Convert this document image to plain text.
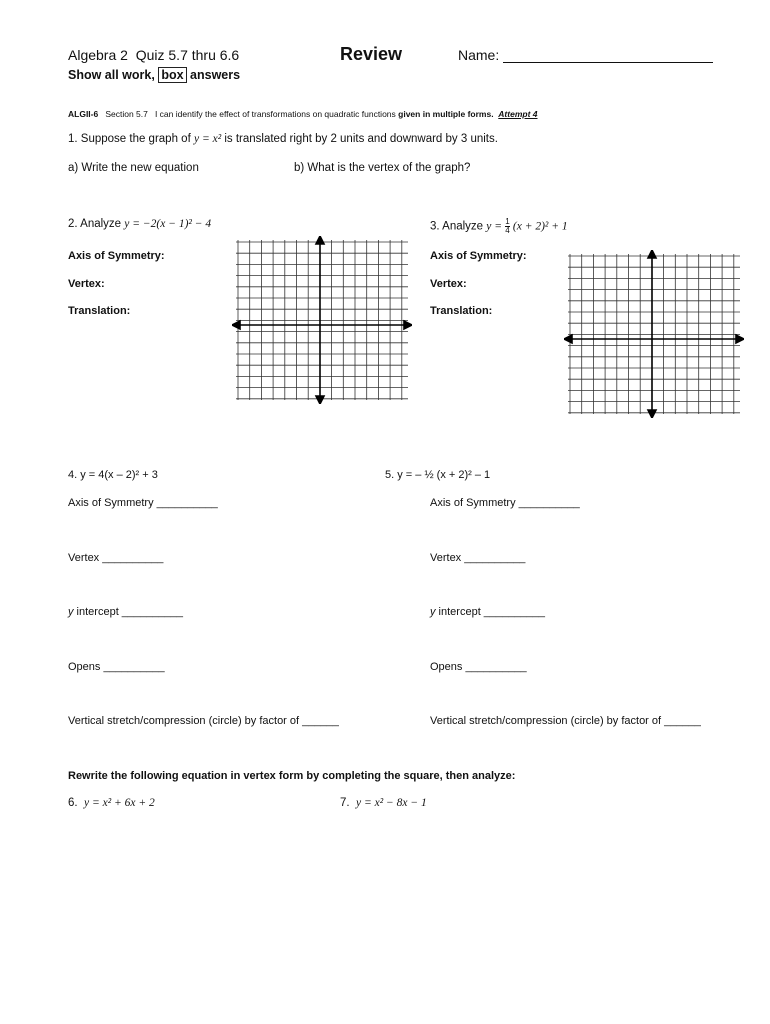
Algebra 2 Quiz 5.7 thru 6.6	Review	Name:
Show all work, box answers
ALGII-6 Section 5.7 I can identify the effect of transformations on quadratic functions given in multiple forms. Attempt 4
1. Suppose the graph of y = x² is translated right by 2 units and downward by 3 units.
a) Write the new equation	b) What is the vertex of the graph?
2. Analyze y = −2(x − 1)² − 4
Axis of Symmetry:
Vertex:
Translation:
3. Analyze $y = \frac{1}{4} (x + 2)^2 + 1$
Axis of Symmetry:
Vertex:
Translation:
4. y = 4(x – 2)² + 3
Axis of Symmetry __________
Vertex __________
y intercept __________
Opens __________
Vertical stretch/compression (circle) by factor of ______
5. y = – ½ (x + 2)² – 1
Axis of Symmetry __________
Vertex __________
y intercept __________
Opens __________
Vertical stretch/compression (circle) by factor of ______
Rewrite the following equation in vertex form by completing the square, then analyze:
6. y = x² + 6x + 2	7. y = x² − 8x − 1
